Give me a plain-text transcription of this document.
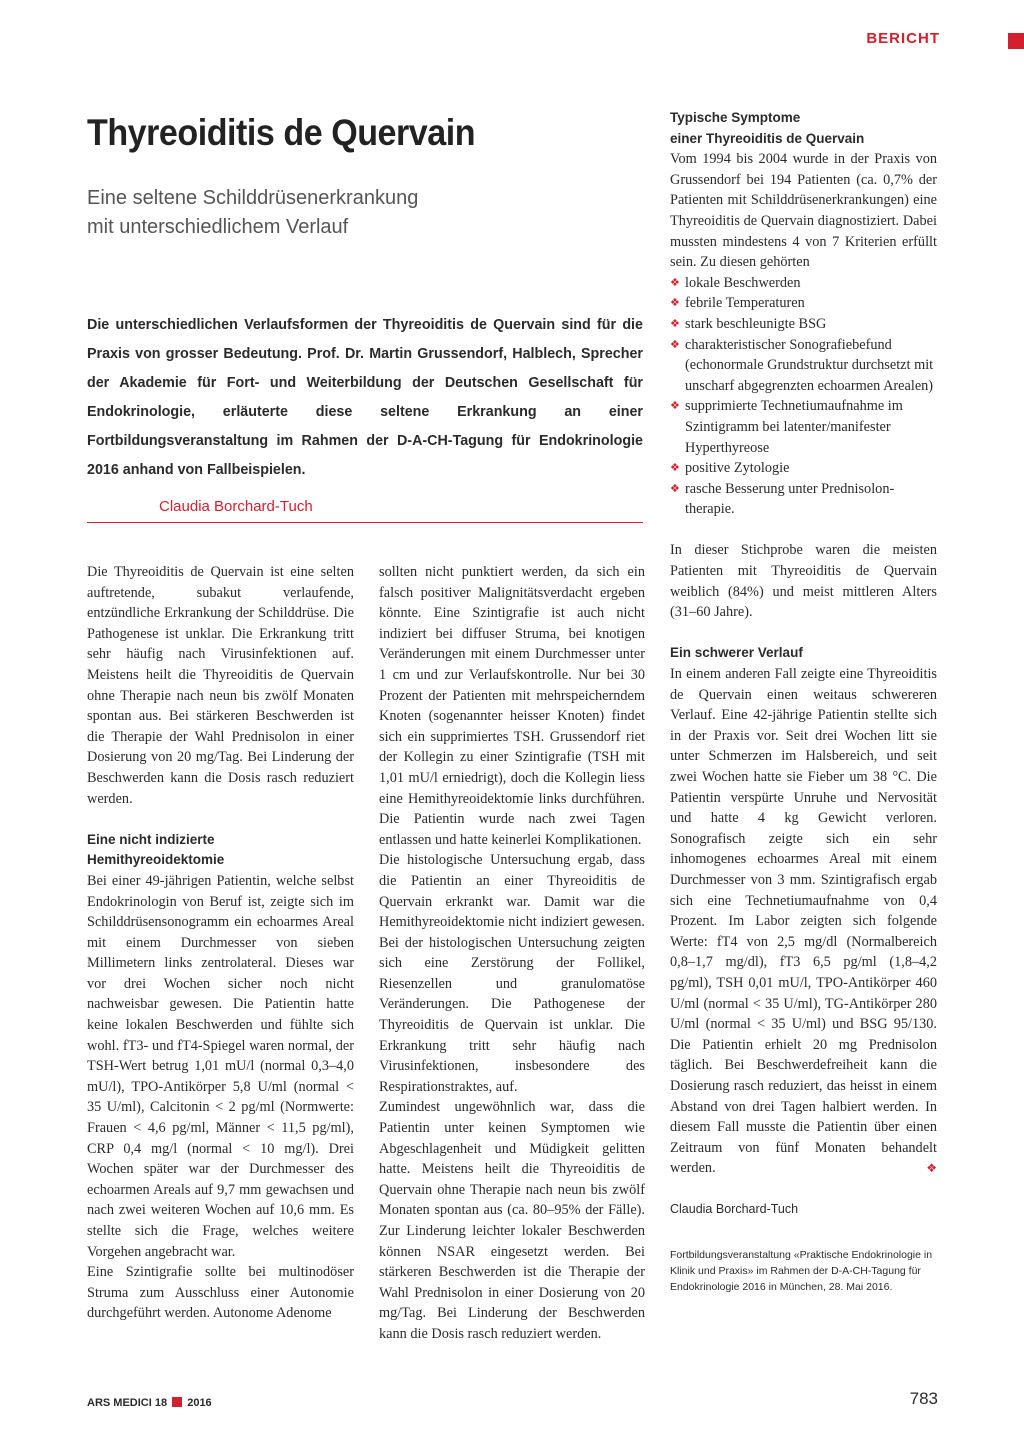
BERICHT
Thyreoiditis de Quervain
Eine seltene Schilddrüsenerkrankung
mit unterschiedlichem Verlauf

Die unterschiedlichen Verlaufsformen der Thyreoiditis de Quervain sind für die Praxis von grosser Bedeutung. Prof. Dr. Martin Grussendorf, Halblech, Sprecher der Akademie für Fort- und Weiterbildung der Deutschen Gesellschaft für Endokrinologie, erläuterte diese seltene Erkrankung an einer Fortbildungsveranstaltung im Rahmen der D-A-CH-Tagung für Endokrinologie 2016 anhand von Fallbeispielen.

Claudia Borchard-Tuch

Die Thyreoiditis de Quervain ist eine selten auftretende, subakut verlaufende, entzündliche Erkrankung der Schilddrüse. Die Pathogenese ist unklar. Die Erkrankung tritt sehr häufig nach Virusinfektionen auf. Meistens heilt die Thyreoiditis de Quervain ohne Therapie nach neun bis zwölf Monaten spontan aus. Bei stärkeren Beschwerden ist die Therapie der Wahl Prednisolon in einer Dosierung von 20 mg/Tag. Bei Linderung der Beschwerden kann die Dosis rasch reduziert werden.

Eine nicht indizierte
Hemithyreoidektomie

Bei einer 49-jährigen Patientin, welche selbst Endokrinologin von Beruf ist, zeigte sich im Schilddrüsensonogramm ein echoarmes Areal mit einem Durchmesser von sieben Millimetern links zentrolateral. Dieses war vor drei Wochen sicher noch nicht nachweisbar gewesen. Die Patientin hatte keine lokalen Beschwerden und fühlte sich wohl. fT3- und fT4-Spiegel waren normal, der TSH-Wert betrug 1,01 mU/l (normal 0,3–4,0 mU/l), TPO-Antikörper 5,8 U/ml (normal < 35 U/ml), Calcitonin < 2 pg/ml (Normwerte: Frauen < 4,6 pg/ml, Männer < 11,5 pg/ml), CRP 0,4 mg/l (normal < 10 mg/l). Drei Wochen später war der Durchmesser des echoarmen Areals auf 9,7 mm gewachsen und nach zwei weiteren Wochen auf 10,6 mm. Es stellte sich die Frage, welches weitere Vorgehen angebracht war.

Eine Szintigrafie sollte bei multinodöser Struma zum Ausschluss einer Autonomie durchgeführt werden. Autonome Adenome

sollten nicht punktiert werden, da sich ein falsch positiver Malignitätsverdacht ergeben könnte. Eine Szintigrafie ist auch nicht indiziert bei diffuser Struma, bei knotigen Veränderungen mit einem Durchmesser unter 1 cm und zur Verlaufskontrolle. Nur bei 30 Prozent der Patienten mit mehrspeicherndem Knoten (sogenannter heisser Knoten) findet sich ein supprimiertes TSH. Grussendorf riet der Kollegin zu einer Szintigrafie (TSH mit 1,01 mU/l erniedrigt), doch die Kollegin liess eine Hemithyreoidektomie links durchführen. Die Patientin wurde nach zwei Tagen entlassen und hatte keinerlei Komplikationen.

Die histologische Untersuchung ergab, dass die Patientin an einer Thyreoiditis de Quervain erkrankt war. Damit war die Hemithyreoidektomie nicht indiziert gewesen. Bei der histologischen Untersuchung zeigten sich eine Zerstörung der Follikel, Riesenzellen und granulomatöse Veränderungen. Die Pathogenese der Thyreoiditis de Quervain ist unklar. Die Erkrankung tritt sehr häufig nach Virusinfektionen, insbesondere des Respirationstraktes, auf.

Zumindest ungewöhnlich war, dass die Patientin unter keinen Symptomen wie Abgeschlagenheit und Müdigkeit gelitten hatte. Meistens heilt die Thyreoiditis de Quervain ohne Therapie nach neun bis zwölf Monaten spontan aus (ca. 80–95% der Fälle). Zur Linderung leichter lokaler Beschwerden können NSAR eingesetzt werden. Bei stärkeren Beschwerden ist die Therapie der Wahl Prednisolon in einer Dosierung von 20 mg/Tag. Bei Linderung der Beschwerden kann die Dosis rasch reduziert werden.

Typische Symptome
einer Thyreoiditis de Quervain

Vom 1994 bis 2004 wurde in der Praxis von Grussendorf bei 194 Patienten (ca. 0,7% der Patienten mit Schilddrüsenerkrankungen) eine Thyreoiditis de Quervain diagnostiziert. Dabei mussten mindestens 4 von 7 Kriterien erfüllt sein. Zu diesen gehörten

❖ lokale Beschwerden
❖ febrile Temperaturen
❖ stark beschleunigte BSG
❖ charakteristischer Sonografiebefund (echonormale Grundstruktur durchsetzt mit unscharf abgegrenzten echoarmen Arealen)
❖ supprimierte Technetiumaufnahme im Szintigramm bei latenter/manifester Hyperthyreose
❖ positive Zytologie
❖ rasche Besserung unter Prednisolontherapie.

In dieser Stichprobe waren die meisten Patienten mit Thyreoiditis de Quervain weiblich (84%) und meist mittleren Alters (31–60 Jahre).

Ein schwerer Verlauf

In einem anderen Fall zeigte eine Thyreoiditis de Quervain einen weitaus schwereren Verlauf. Eine 42-jährige Patientin stellte sich in der Praxis vor. Seit drei Wochen litt sie unter Schmerzen im Halsbereich, und seit zwei Wochen hatte sie Fieber um 38 °C. Die Patientin verspürte Unruhe und Nervosität und hatte 4 kg Gewicht verloren. Sonografisch zeigte sich ein sehr inhomogenes echoarmes Areal mit einem Durchmesser von 3 mm. Szintigrafisch ergab sich eine Technetiumaufnahme von 0,4 Prozent. Im Labor zeigten sich folgende Werte: fT4 von 2,5 mg/dl (Normalbereich 0,8–1,7 mg/dl), fT3 6,5 pg/ml (1,8–4,2 pg/ml), TSH 0,01 mU/l, TPO-Antikörper 460 U/ml (normal < 35 U/ml), TG-Antikörper 280 U/ml (normal < 35 U/ml) und BSG 95/130. Die Patientin erhielt 20 mg Prednisolon täglich. Bei Beschwerdefreiheit kann die Dosierung rasch reduziert, das heisst in einem Abstand von drei Tagen halbiert werden. In diesem Fall musste die Patientin über einen Zeitraum von fünf Monaten behandelt werden.	❖

Claudia Borchard-Tuch
Fortbildungsveranstaltung «Praktische Endokrinologie in Klinik und Praxis» im Rahmen der D-A-CH-Tagung für Endokrinologie 2016 in München, 28. Mai 2016.
ARS MEDICI 18 2016	783
